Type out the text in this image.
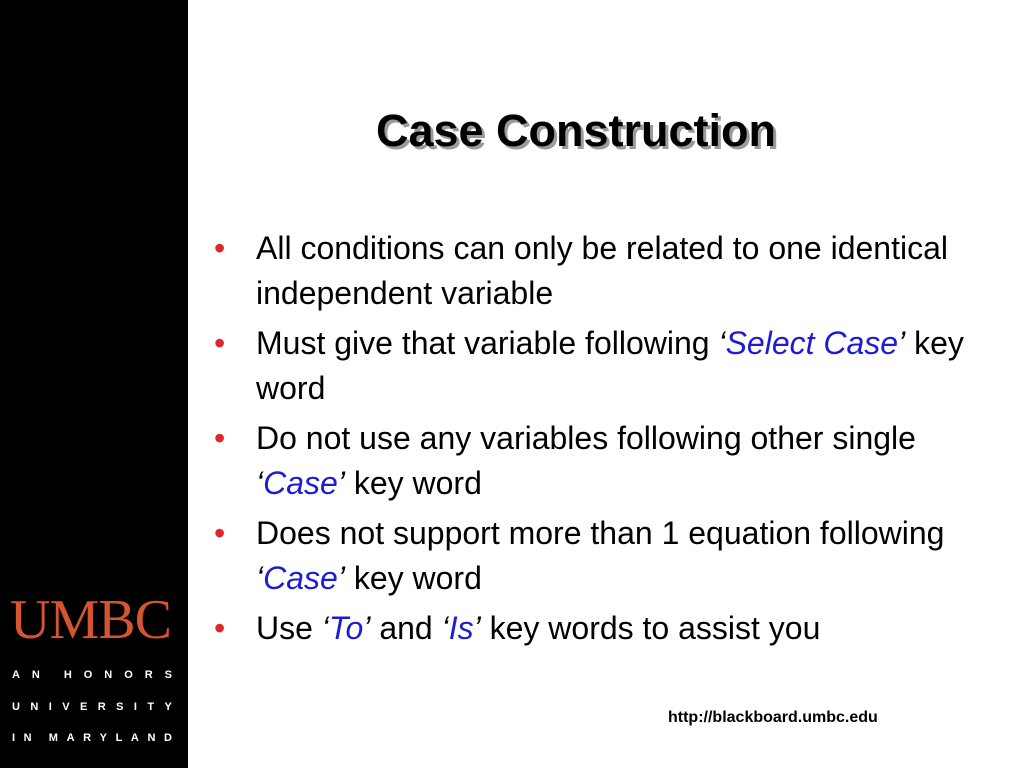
UMBC
A N H O N O R S
U N I V E R S I T Y
I N M A R Y L A N D
Case Construction
• All conditions can only be related to one identical independent variable
• Must give that variable following ‘Select Case’ key word
• Do not use any variables following other single ‘Case’ key word
• Does not support more than 1 equation following ‘Case’ key word
• Use ‘To’ and ‘Is’ key words to assist you
http://blackboard.umbc.edu
